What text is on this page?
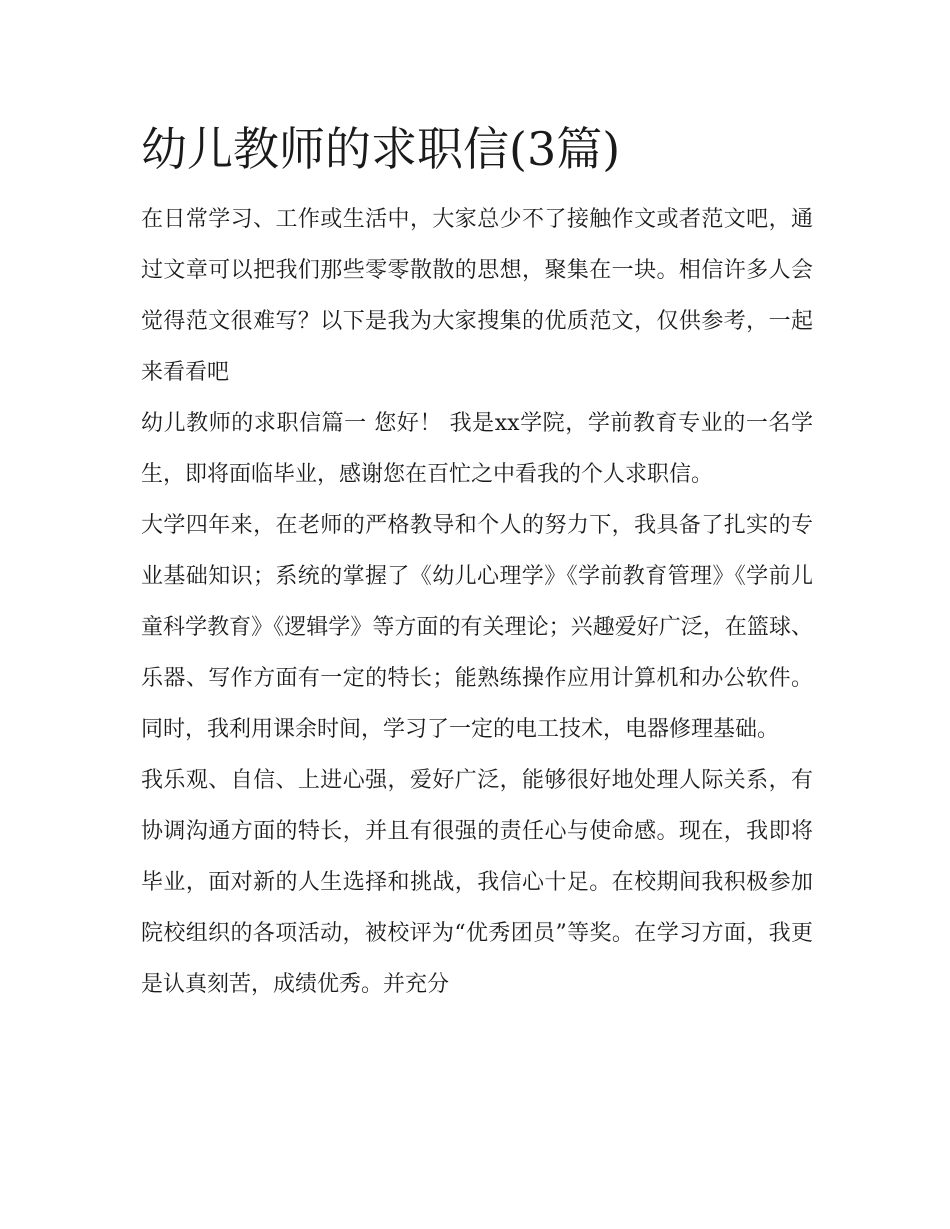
幼儿教师的求职信(3篇)

在日常学习、工作或生活中，大家总少不了接触作文或者范文吧，通过文章可以把我们那些零零散散的思想，聚集在一块。相信许多人会觉得范文很难写？以下是我为大家搜集的优质范文，仅供参考，一起来看看吧

幼儿教师的求职信篇一 您好！ 我是xx学院，学前教育专业的一名学生，即将面临毕业，感谢您在百忙之中看我的个人求职信。

大学四年来，在老师的严格教导和个人的努力下，我具备了扎实的专业基础知识；系统的掌握了《幼儿心理学》《学前教育管理》《学前儿童科学教育》《逻辑学》等方面的有关理论；兴趣爱好广泛，在篮球、乐器、写作方面有一定的特长；能熟练操作应用计算机和办公软件。同时，我利用课余时间，学习了一定的电工技术，电器修理基础。

我乐观、自信、上进心强，爱好广泛，能够很好地处理人际关系，有协调沟通方面的特长，并且有很强的责任心与使命感。现在，我即将毕业，面对新的人生选择和挑战，我信心十足。在校期间我积极参加院校组织的各项活动，被校评为“优秀团员”等奖。在学习方面，我更是认真刻苦，成绩优秀。并充分
